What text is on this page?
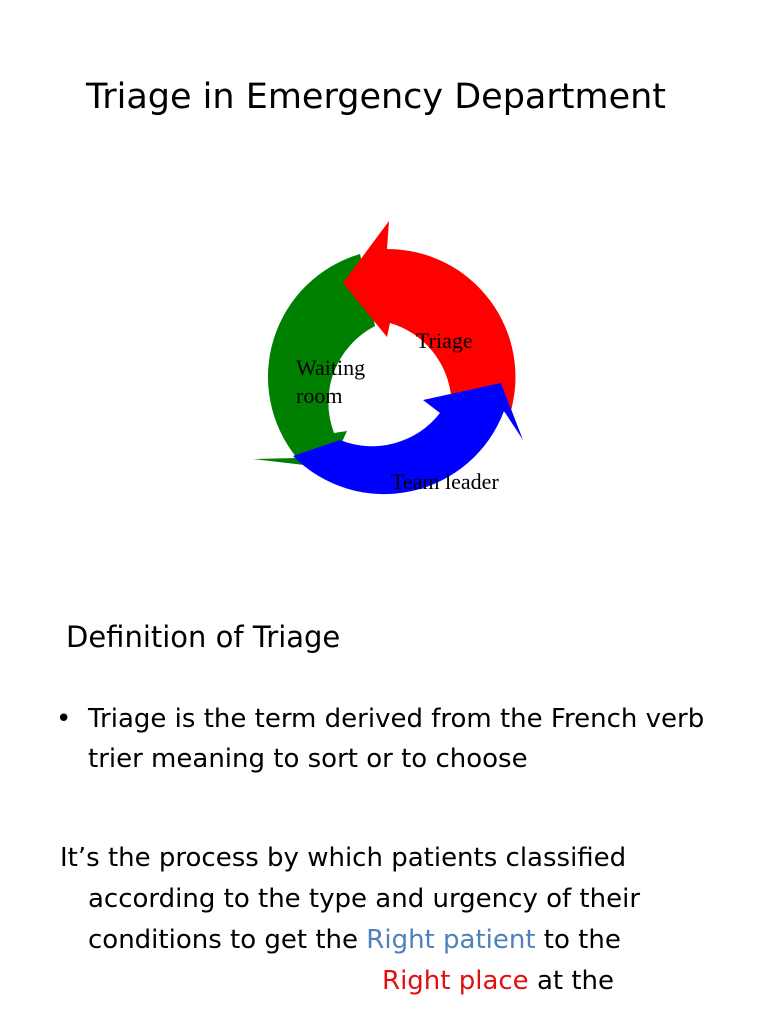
Triage in Emergency Department
Triage
Waiting
room
Team leader
Definition of Triage
• Triage is the term derived from the French verb trier meaning to sort or to choose
It’s the process by which patients classified
according to the type and urgency of their
conditions to get the Right patient to the
Right place at the
